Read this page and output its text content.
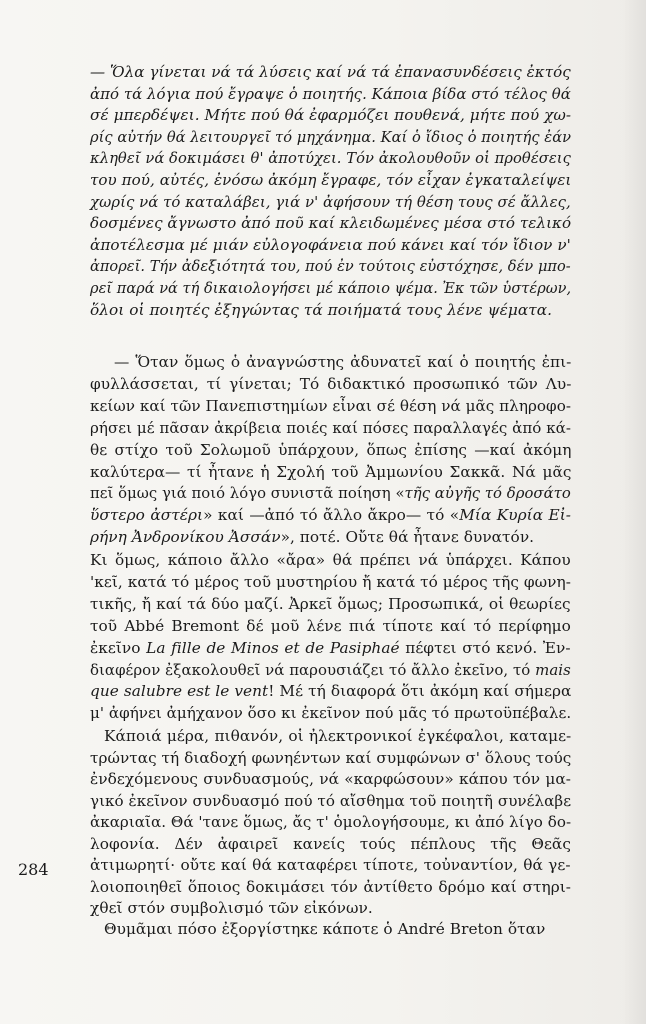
— Ὅλα γίνεται νά τά λύσεις καί νά τά ἐπανασυνδέσεις ἐκτός
ἀπό τά λόγια πού ἔγραψε ὁ ποιητής. Κάποια βίδα στό τέλος θά
σέ μπερδέψει. Μήτε πού θά ἐφαρμόζει πουθενά, μήτε πού χω-
ρίς αὐτήν θά λειτουργεῖ τό μηχάνημα. Καί ὁ ἴδιος ὁ ποιητής ἐάν
κληθεῖ νά δοκιμάσει θ' ἀποτύχει. Τόν ἀκολουθοῦν οἱ προθέσεις
του πού, αὐτές, ἐνόσω ἀκόμη ἔγραφε, τόν εἶχαν ἐγκαταλείψει
χωρίς νά τό καταλάβει, γιά ν' ἀφήσουν τή θέση τους σέ ἄλλες,
δοσμένες ἄγνωστο ἀπό ποῦ καί κλειδωμένες μέσα στό τελικό
ἀποτέλεσμα μέ μιάν εὐλογοφάνεια πού κάνει καί τόν ἴδιον ν'
ἀπορεῖ. Τήν ἀδεξιότητά του, πού ἐν τούτοις εὐστόχησε, δέν μπο-
ρεῖ παρά νά τή δικαιολογήσει μέ κάποιο ψέμα. Ἐκ τῶν ὑστέρων,
ὅλοι οἱ ποιητές ἐξηγώντας τά ποιήματά τους λένε ψέματα.
— Ὅταν ὅμως ὁ ἀναγνώστης ἀδυνατεῖ καί ὁ ποιητής ἐπι-
φυλλάσσεται, τί γίνεται; Τό διδακτικό προσωπικό τῶν Λυ-
κείων καί τῶν Πανεπιστημίων εἶναι σέ θέση νά μᾶς πληροφο-
ρήσει μέ πᾶσαν ἀκρίβεια ποιές καί πόσες παραλλαγές ἀπό κά-
θε στίχο τοῦ Σολωμοῦ ὑπάρχουν, ὅπως ἐπίσης —καί ἀκόμη
καλύτερα— τί ἦτανε ἡ Σχολή τοῦ Ἀμμωνίου Σακκᾶ. Νά μᾶς
πεῖ ὅμως γιά ποιό λόγο συνιστᾶ ποίηση «τῆς αὐγῆς τό δροσάτο
ὕστερο ἀστέρι» καί —ἀπό τό ἄλλο ἄκρο— τό «Μία Κυρία Εἰ-
ρήνη Ἀνδρονίκου Ἀσσάν», ποτέ. Οὔτε θά ἦτανε δυνατόν.
Κι ὅμως, κάποιο ἄλλο «ἄρα» θά πρέπει νά ὑπάρχει. Κάπου
'κεῖ, κατά τό μέρος τοῦ μυστηρίου ἤ κατά τό μέρος τῆς φωνη-
τικῆς, ἤ καί τά δύο μαζί. Ἀρκεῖ ὅμως; Προσωπικά, οἱ θεωρίες
τοῦ Abbé Bremont δέ μοῦ λένε πιά τίποτε καί τό περίφημο
ἐκεῖνο La fille de Minos et de Pasiphaé πέφτει στό κενό. Ἐν-
διαφέρον ἐξακολουθεῖ νά παρουσιάζει τό ἄλλο ἐκεῖνο, τό mais
que salubre est le vent! Μέ τή διαφορά ὅτι ἀκόμη καί σήμερα
μ' ἀφήνει ἀμήχανον ὅσο κι ἐκεῖνον πού μᾶς τό πρωτοϋπέβαλε.
Κάποιά μέρα, πιθανόν, οἱ ἠλεκτρονικοί ἐγκέφαλοι, καταμε-
τρώντας τή διαδοχή φωνηέντων καί συμφώνων σ' ὅλους τούς
ἐνδεχόμενους συνδυασμούς, νά «καρφώσουν» κάπου τόν μα-
γικό ἐκεῖνον συνδυασμό πού τό αἴσθημα τοῦ ποιητῆ συνέλαβε
ἀκαριαῖα. Θά 'τανε ὅμως, ἄς τ' ὁμολογήσουμε, κι ἀπό λίγο δο-
λοφονία. Δέν ἀφαιρεῖ κανείς τούς πέπλους τῆς Θεᾶς
ἀτιμωρητί· οὔτε καί θά καταφέρει τίποτε, τοὐναντίον, θά γε-
λοιοποιηθεῖ ὅποιος δοκιμάσει τόν ἀντίθετο δρόμο καί στηρι-
χθεῖ στόν συμβολισμό τῶν εἰκόνων.
Θυμᾶμαι πόσο ἐξοργίστηκε κάποτε ὁ André Breton ὅταν
284
